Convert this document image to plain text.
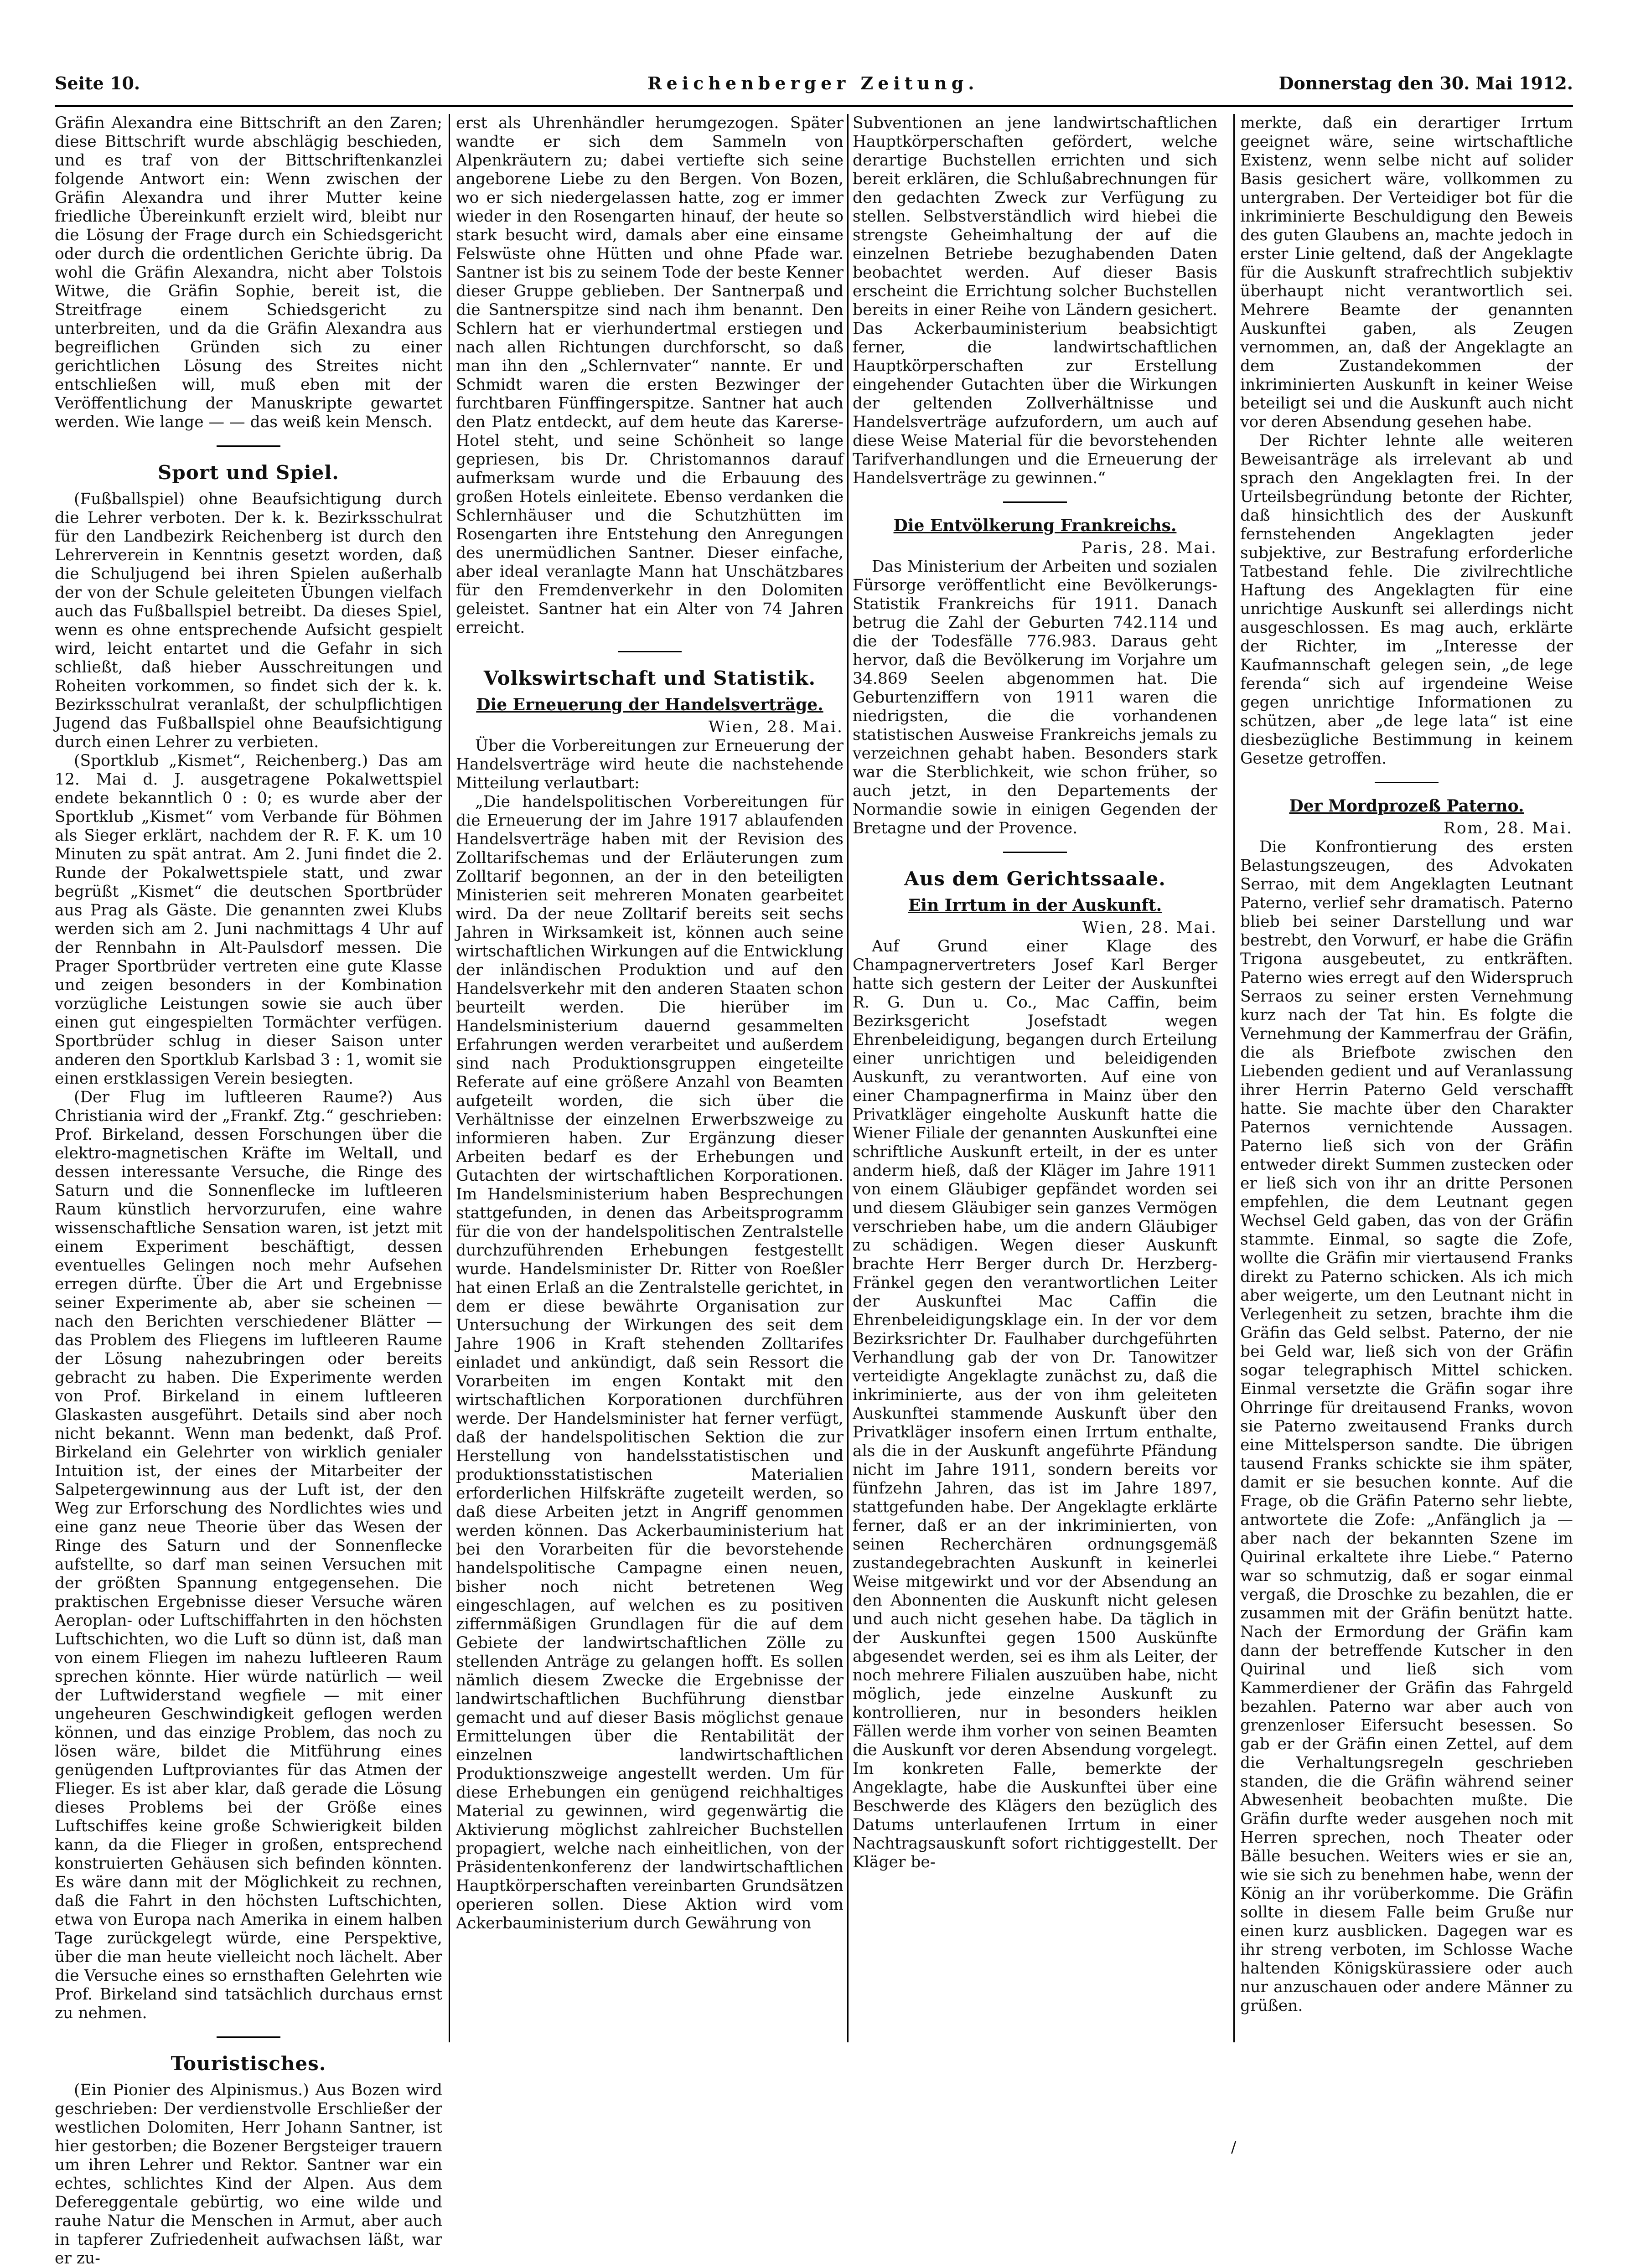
Seite 10.	Reichenberger Zeitung.	Donnerstag den 30. Mai 1912.

Gräfin Alexandra eine Bittschrift an den Zaren; diese Bittschrift wurde abschlägig beschieden, und es traf von der Bittschriftenkanzlei folgende Antwort ein: Wenn zwischen der Gräfin Alexandra und ihrer Mutter keine friedliche Übereinkunft erzielt wird, bleibt nur die Lösung der Frage durch ein Schiedsgericht oder durch die ordentlichen Gerichte übrig. Da wohl die Gräfin Alexandra, nicht aber Tolstois Witwe, die Gräfin Sophie, bereit ist, die Streitfrage einem Schiedsgericht zu unterbreiten, und da die Gräfin Alexandra aus begreiflichen Gründen sich zu einer gerichtlichen Lösung des Streites nicht entschließen will, muß eben mit der Veröffentlichung der Manuskripte gewartet werden. Wie lange — — das weiß kein Mensch.

Sport und Spiel.

(Fußballspiel) ohne Beaufsichtigung durch die Lehrer verboten. Der k. k. Bezirksschulrat für den Landbezirk Reichenberg ist durch den Lehrerverein in Kenntnis gesetzt worden, daß die Schuljugend bei ihren Spielen außerhalb der von der Schule geleiteten Übungen vielfach auch das Fußballspiel betreibt. Da dieses Spiel, wenn es ohne entsprechende Aufsicht gespielt wird, leicht entartet und die Gefahr in sich schließt, daß hieber Ausschreitungen und Roheiten vorkommen, so findet sich der k. k. Bezirksschulrat veranlaßt, der schulpflichtigen Jugend das Fußballspiel ohne Beaufsichtigung durch einen Lehrer zu verbieten.

(Sportklub „Kismet“, Reichenberg.) Das am 12. Mai d. J. ausgetragene Pokalwettspiel endete bekanntlich 0 : 0; es wurde aber der Sportklub „Kismet“ vom Verbande für Böhmen als Sieger erklärt, nachdem der R. F. K. um 10 Minuten zu spät antrat. Am 2. Juni findet die 2. Runde der Pokalwettspiele statt, und zwar begrüßt „Kismet“ die deutschen Sportbrüder aus Prag als Gäste. Die genannten zwei Klubs werden sich am 2. Juni nachmittags 4 Uhr auf der Rennbahn in Alt-Paulsdorf messen. Die Prager Sportbrüder vertreten eine gute Klasse und zeigen besonders in der Kombination vorzügliche Leistungen sowie sie auch über einen gut eingespielten Tormächter verfügen. Sportbrüder schlug in dieser Saison unter anderen den Sportklub Karlsbad 3 : 1, womit sie einen erstklassigen Verein besiegten.

(Der Flug im luftleeren Raume?) Aus Christiania wird der „Frankf. Ztg.“ geschrieben: Prof. Birkeland, dessen Forschungen über die elektro-magnetischen Kräfte im Weltall, und dessen interessante Versuche, die Ringe des Saturn und die Sonnenflecke im luftleeren Raum künstlich hervorzurufen, eine wahre wissenschaftliche Sensation waren, ist jetzt mit einem Experiment beschäftigt, dessen eventuelles Gelingen noch mehr Aufsehen erregen dürfte. Über die Art und Ergebnisse seiner Experimente ab, aber sie scheinen — nach den Berichten verschiedener Blätter — das Problem des Fliegens im luftleeren Raume der Lösung nahezubringen oder bereits gebracht zu haben. Die Experimente werden von Prof. Birkeland in einem luftleeren Glaskasten ausgeführt. Details sind aber noch nicht bekannt. Wenn man bedenkt, daß Prof. Birkeland ein Gelehrter von wirklich genialer Intuition ist, der eines der Mitarbeiter der Salpetergewinnung aus der Luft ist, der den Weg zur Erforschung des Nordlichtes wies und eine ganz neue Theorie über das Wesen der Ringe des Saturn und der Sonnenflecke aufstellte, so darf man seinen Versuchen mit der größten Spannung entgegensehen. Die praktischen Ergebnisse dieser Versuche wären Aeroplan- oder Luftschiffahrten in den höchsten Luftschichten, wo die Luft so dünn ist, daß man von einem Fliegen im nahezu luftleeren Raum sprechen könnte. Hier würde natürlich — weil der Luftwiderstand wegfiele — mit einer ungeheuren Geschwindigkeit geflogen werden können, und das einzige Problem, das noch zu lösen wäre, bildet die Mitführung eines genügenden Luftproviantes für das Atmen der Flieger. Es ist aber klar, daß gerade die Lösung dieses Problems bei der Größe eines Luftschiffes keine große Schwierigkeit bilden kann, da die Flieger in großen, entsprechend konstruierten Gehäusen sich befinden könnten. Es wäre dann mit der Möglichkeit zu rechnen, daß die Fahrt in den höchsten Luftschichten, etwa von Europa nach Amerika in einem halben Tage zurückgelegt würde, eine Perspektive, über die man heute vielleicht noch lächelt. Aber die Versuche eines so ernsthaften Gelehrten wie Prof. Birkeland sind tatsächlich durchaus ernst zu nehmen.

Touristisches.

(Ein Pionier des Alpinismus.) Aus Bozen wird geschrieben: Der verdienstvolle Erschließer der westlichen Dolomiten, Herr Johann Santner, ist hier gestorben; die Bozener Bergsteiger trauern um ihren Lehrer und Rektor. Santner war ein echtes, schlichtes Kind der Alpen. Aus dem Defereggentale gebürtig, wo eine wilde und rauhe Natur die Menschen in Armut, aber auch in tapferer Zufriedenheit aufwachsen läßt, war er zu-

erst als Uhrenhändler herumgezogen. Später wandte er sich dem Sammeln von Alpenkräutern zu; dabei vertiefte sich seine angeborene Liebe zu den Bergen. Von Bozen, wo er sich niedergelassen hatte, zog er immer wieder in den Rosengarten hinauf, der heute so stark besucht wird, damals aber eine einsame Felswüste ohne Hütten und ohne Pfade war. Santner ist bis zu seinem Tode der beste Kenner dieser Gruppe geblieben. Der Santnerpaß und die Santnerspitze sind nach ihm benannt. Den Schlern hat er vierhundertmal erstiegen und nach allen Richtungen durchforscht, so daß man ihn den „Schlernvater“ nannte. Er und Schmidt waren die ersten Bezwinger der furchtbaren Fünffingerspitze. Santner hat auch den Platz entdeckt, auf dem heute das Karerse-Hotel steht, und seine Schönheit so lange gepriesen, bis Dr. Christomannos darauf aufmerksam wurde und die Erbauung des großen Hotels einleitete. Ebenso verdanken die Schlernhäuser und die Schutzhütten im Rosengarten ihre Entstehung den Anregungen des unermüdlichen Santner. Dieser einfache, aber ideal veranlagte Mann hat Unschätzbares für den Fremdenverkehr in den Dolomiten geleistet. Santner hat ein Alter von 74 Jahren erreicht.

Volkswirtschaft und Statistik.
Die Erneuerung der Handelsverträge.

Wien, 28. Mai.

Über die Vorbereitungen zur Erneuerung der Handelsverträge wird heute die nachstehende Mitteilung verlautbart:

„Die handelspolitischen Vorbereitungen für die Erneuerung der im Jahre 1917 ablaufenden Handelsverträge haben mit der Revision des Zolltarifschemas und der Erläuterungen zum Zolltarif begonnen, an der in den beteiligten Ministerien seit mehreren Monaten gearbeitet wird. Da der neue Zolltarif bereits seit sechs Jahren in Wirksamkeit ist, können auch seine wirtschaftlichen Wirkungen auf die Entwicklung der inländischen Produktion und auf den Handelsverkehr mit den anderen Staaten schon beurteilt werden. Die hierüber im Handelsministerium dauernd gesammelten Erfahrungen werden verarbeitet und außerdem sind nach Produktionsgruppen eingeteilte Referate auf eine größere Anzahl von Beamten aufgeteilt worden, die sich über die Verhältnisse der einzelnen Erwerbszweige zu informieren haben. Zur Ergänzung dieser Arbeiten bedarf es der Erhebungen und Gutachten der wirtschaftlichen Korporationen. Im Handelsministerium haben Besprechungen stattgefunden, in denen das Arbeitsprogramm für die von der handelspolitischen Zentralstelle durchzuführenden Erhebungen festgestellt wurde. Handelsminister Dr. Ritter von Roeßler hat einen Erlaß an die Zentralstelle gerichtet, in dem er diese bewährte Organisation zur Untersuchung der Wirkungen des seit dem Jahre 1906 in Kraft stehenden Zolltarifes einladet und ankündigt, daß sein Ressort die Vorarbeiten im engen Kontakt mit den wirtschaftlichen Korporationen durchführen werde. Der Handelsminister hat ferner verfügt, daß der handelspolitischen Sektion die zur Herstellung von handelsstatistischen und produktionsstatistischen Materialien erforderlichen Hilfskräfte zugeteilt werden, so daß diese Arbeiten jetzt in Angriff genommen werden können. Das Ackerbauministerium hat bei den Vorarbeiten für die bevorstehende handelspolitische Campagne einen neuen, bisher noch nicht betretenen Weg eingeschlagen, auf welchen es zu positiven ziffernmäßigen Grundlagen für die auf dem Gebiete der landwirtschaftlichen Zölle zu stellenden Anträge zu gelangen hofft. Es sollen nämlich diesem Zwecke die Ergebnisse der landwirtschaftlichen Buchführung dienstbar gemacht und auf dieser Basis möglichst genaue Ermittelungen über die Rentabilität der einzelnen landwirtschaftlichen Produktionszweige angestellt werden. Um für diese Erhebungen ein genügend reichhaltiges Material zu gewinnen, wird gegenwärtig die Aktivierung möglichst zahlreicher Buchstellen propagiert, welche nach einheitlichen, von der Präsidentenkonferenz der landwirtschaftlichen Hauptkörperschaften vereinbarten Grundsätzen operieren sollen. Diese Aktion wird vom Ackerbauministerium durch Gewährung von

Subventionen an jene landwirtschaftlichen Hauptkörperschaften gefördert, welche derartige Buchstellen errichten und sich bereit erklären, die Schlußabrechnungen für den gedachten Zweck zur Verfügung zu stellen. Selbstverständlich wird hiebei die strengste Geheimhaltung der auf die einzelnen Betriebe bezughabenden Daten beobachtet werden. Auf dieser Basis erscheint die Errichtung solcher Buchstellen bereits in einer Reihe von Ländern gesichert. Das Ackerbauministerium beabsichtigt ferner, die landwirtschaftlichen Hauptkörperschaften zur Erstellung eingehender Gutachten über die Wirkungen der geltenden Zollverhältnisse und Handelsverträge aufzufordern, um auch auf diese Weise Material für die bevorstehenden Tarifverhandlungen und die Erneuerung der Handelsverträge zu gewinnen.“

Die Entvölkerung Frankreichs.

Paris, 28. Mai.

Das Ministerium der Arbeiten und sozialen Fürsorge veröffentlicht eine Bevölkerungs-Statistik Frankreichs für 1911. Danach betrug die Zahl der Geburten 742.114 und die der Todesfälle 776.983. Daraus geht hervor, daß die Bevölkerung im Vorjahre um 34.869 Seelen abgenommen hat. Die Geburtenziffern von 1911 waren die niedrigsten, die die vorhandenen statistischen Ausweise Frankreichs jemals zu verzeichnen gehabt haben. Besonders stark war die Sterblichkeit, wie schon früher, so auch jetzt, in den Departements der Normandie sowie in einigen Gegenden der Bretagne und der Provence.

Aus dem Gerichtssaale.
Ein Irrtum in der Auskunft.

Wien, 28. Mai.

Auf Grund einer Klage des Champagnervertreters Josef Karl Berger hatte sich gestern der Leiter der Auskunftei R. G. Dun u. Co., Mac Caffin, beim Bezirksgericht Josefstadt wegen Ehrenbeleidigung, begangen durch Erteilung einer unrichtigen und beleidigenden Auskunft, zu verantworten. Auf eine von einer Champagnerfirma in Mainz über den Privatkläger eingeholte Auskunft hatte die Wiener Filiale der genannten Auskunftei eine schriftliche Auskunft erteilt, in der es unter anderm hieß, daß der Kläger im Jahre 1911 von einem Gläubiger gepfändet worden sei und diesem Gläubiger sein ganzes Vermögen verschrieben habe, um die andern Gläubiger zu schädigen. Wegen dieser Auskunft brachte Herr Berger durch Dr. Herzberg-Fränkel gegen den verantwortlichen Leiter der Auskunftei Mac Caffin die Ehrenbeleidigungsklage ein. In der vor dem Bezirksrichter Dr. Faulhaber durchgeführten Verhandlung gab der von Dr. Tanowitzer verteidigte Angeklagte zunächst zu, daß die inkriminierte, aus der von ihm geleiteten Auskunftei stammende Auskunft über den Privatkläger insofern einen Irrtum enthalte, als die in der Auskunft angeführte Pfändung nicht im Jahre 1911, sondern bereits vor fünfzehn Jahren, das ist im Jahre 1897, stattgefunden habe. Der Angeklagte erklärte ferner, daß er an der inkriminierten, von seinen Recherchären ordnungsgemäß zustandegebrachten Auskunft in keinerlei Weise mitgewirkt und vor der Absendung an den Abonnenten die Auskunft nicht gelesen und auch nicht gesehen habe. Da täglich in der Auskunftei gegen 1500 Auskünfte abgesendet werden, sei es ihm als Leiter, der noch mehrere Filialen auszuüben habe, nicht möglich, jede einzelne Auskunft zu kontrollieren, nur in besonders heiklen Fällen werde ihm vorher von seinen Beamten die Auskunft vor deren Absendung vorgelegt. Im konkreten Falle, bemerkte der Angeklagte, habe die Auskunftei über eine Beschwerde des Klägers den bezüglich des Datums unterlaufenen Irrtum in einer Nachtragsauskunft sofort richtiggestellt. Der Kläger be-

merkte, daß ein derartiger Irrtum geeignet wäre, seine wirtschaftliche Existenz, wenn selbe nicht auf solider Basis gesichert wäre, vollkommen zu untergraben. Der Verteidiger bot für die inkriminierte Beschuldigung den Beweis des guten Glaubens an, machte jedoch in erster Linie geltend, daß der Angeklagte für die Auskunft strafrechtlich subjektiv überhaupt nicht verantwortlich sei. Mehrere Beamte der genannten Auskunftei gaben, als Zeugen vernommen, an, daß der Angeklagte an dem Zustandekommen der inkriminierten Auskunft in keiner Weise beteiligt sei und die Auskunft auch nicht vor deren Absendung gesehen habe.

Der Richter lehnte alle weiteren Beweisanträge als irrelevant ab und sprach den Angeklagten frei. In der Urteilsbegründung betonte der Richter, daß hinsichtlich des der Auskunft fernstehenden Angeklagten jeder subjektive, zur Bestrafung erforderliche Tatbestand fehle. Die zivilrechtliche Haftung des Angeklagten für eine unrichtige Auskunft sei allerdings nicht ausgeschlossen. Es mag auch, erklärte der Richter, im „Interesse der Kaufmannschaft gelegen sein, „de lege ferenda“ sich auf irgendeine Weise gegen unrichtige Informationen zu schützen, aber „de lege lata“ ist eine diesbezügliche Bestimmung in keinem Gesetze getroffen.

Der Mordprozeß Paterno.

Rom, 28. Mai.

Die Konfrontierung des ersten Belastungszeugen, des Advokaten Serrao, mit dem Angeklagten Leutnant Paterno, verlief sehr dramatisch. Paterno blieb bei seiner Darstellung und war bestrebt, den Vorwurf, er habe die Gräfin Trigona ausgebeutet, zu entkräften. Paterno wies erregt auf den Widerspruch Serraos zu seiner ersten Vernehmung kurz nach der Tat hin. Es folgte die Vernehmung der Kammerfrau der Gräfin, die als Briefbote zwischen den Liebenden gedient und auf Veranlassung ihrer Herrin Paterno Geld verschafft hatte. Sie machte über den Charakter Paternos vernichtende Aussagen. Paterno ließ sich von der Gräfin entweder direkt Summen zustecken oder er ließ sich von ihr an dritte Personen empfehlen, die dem Leutnant gegen Wechsel Geld gaben, das von der Gräfin stammte. Einmal, so sagte die Zofe, wollte die Gräfin mir viertausend Franks direkt zu Paterno schicken. Als ich mich aber weigerte, um den Leutnant nicht in Verlegenheit zu setzen, brachte ihm die Gräfin das Geld selbst. Paterno, der nie bei Geld war, ließ sich von der Gräfin sogar telegraphisch Mittel schicken. Einmal versetzte die Gräfin sogar ihre Ohrringe für dreitausend Franks, wovon sie Paterno zweitausend Franks durch eine Mittelsperson sandte. Die übrigen tausend Franks schickte sie ihm später, damit er sie besuchen konnte. Auf die Frage, ob die Gräfin Paterno sehr liebte, antwortete die Zofe: „Anfänglich ja — aber nach der bekannten Szene im Quirinal erkaltete ihre Liebe.“ Paterno war so schmutzig, daß er sogar einmal vergaß, die Droschke zu bezahlen, die er zusammen mit der Gräfin benützt hatte. Nach der Ermordung der Gräfin kam dann der betreffende Kutscher in den Quirinal und ließ sich vom Kammerdiener der Gräfin das Fahrgeld bezahlen. Paterno war aber auch von grenzenloser Eifersucht besessen. So gab er der Gräfin einen Zettel, auf dem die Verhaltungsregeln geschrieben standen, die die Gräfin während seiner Abwesenheit beobachten mußte. Die Gräfin durfte weder ausgehen noch mit Herren sprechen, noch Theater oder Bälle besuchen. Weiters wies er sie an, wie sie sich zu benehmen habe, wenn der König an ihr vorüberkomme. Die Gräfin sollte in diesem Falle beim Gruße nur einen kurz ausblicken. Dagegen war es ihr streng verboten, im Schlosse Wache haltenden Königskürassiere oder auch nur anzuschauen oder andere Männer zu grüßen.

/
